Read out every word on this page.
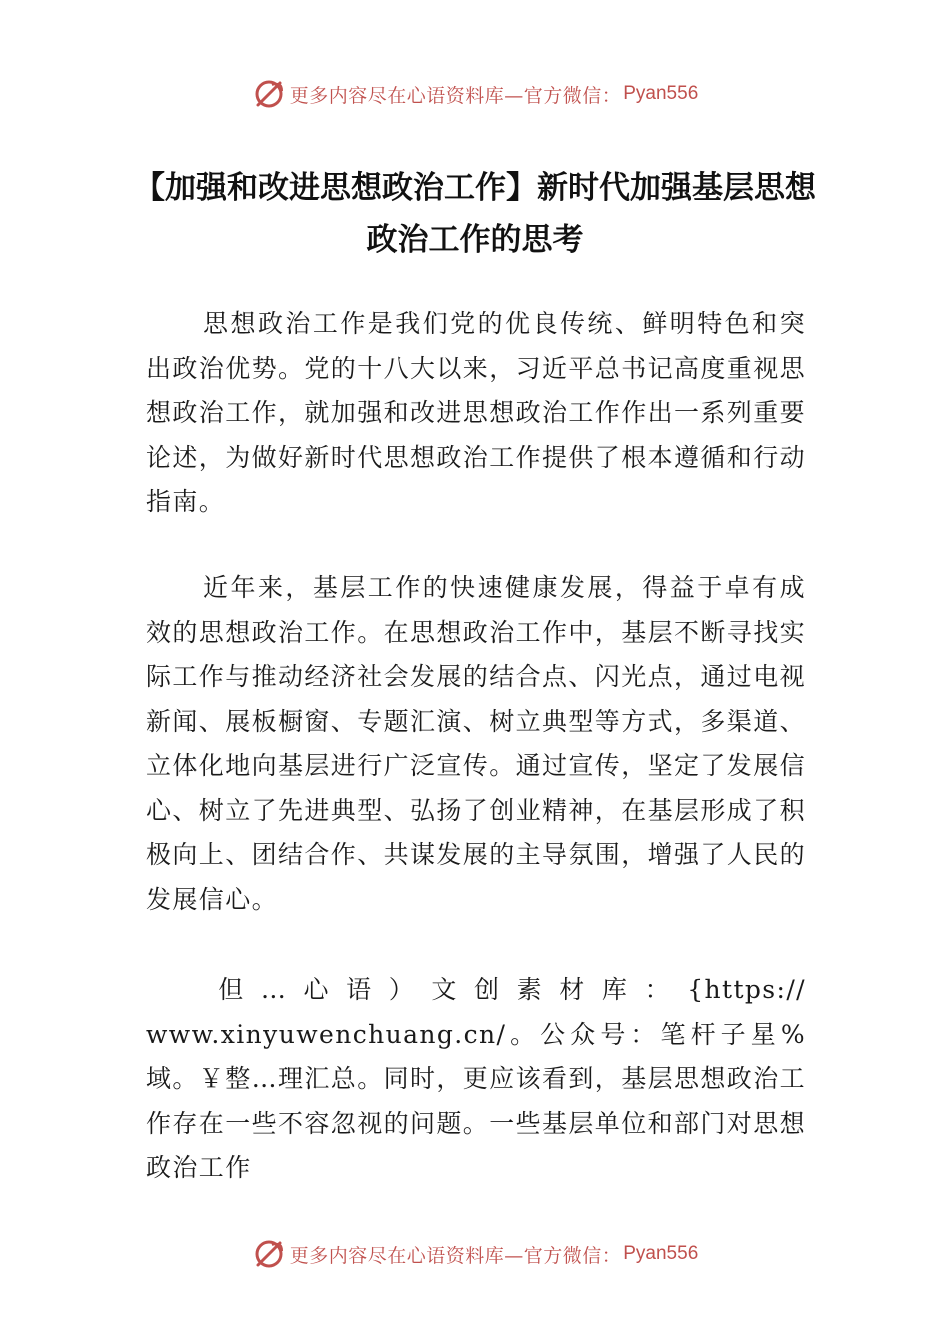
更多内容尽在心语资料库—官方微信： Pyan556
【加强和改进思想政治工作】新时代加强基层思想政治工作的思考

思想政治工作是我们党的优良传统、鲜明特色和突出政治优势。党的十八大以来，习近平总书记高度重视思想政治工作，就加强和改进思想政治工作作出一系列重要论述，为做好新时代思想政治工作提供了根本遵循和行动指南。

近年来，基层工作的快速健康发展，得益于卓有成效的思想政治工作。在思想政治工作中，基层不断寻找实际工作与推动经济社会发展的结合点、闪光点，通过电视新闻、展板橱窗、专题汇演、树立典型等方式，多渠道、立体化地向基层进行广泛宣传。通过宣传，坚定了发展信心、树立了先进典型、弘扬了创业精神，在基层形成了积极向上、团结合作、共谋发展的主导氛围，增强了人民的发展信心。

但…心语）文创素材库：{https:// www.xinyuwenchuang.cn/。公众号：笔杆子星%域。￥整…理汇总。同时，更应该看到，基层思想政治工作存在一些不容忽视的问题。一些基层单位和部门对思想政治工作

更多内容尽在心语资料库—官方微信： Pyan556
